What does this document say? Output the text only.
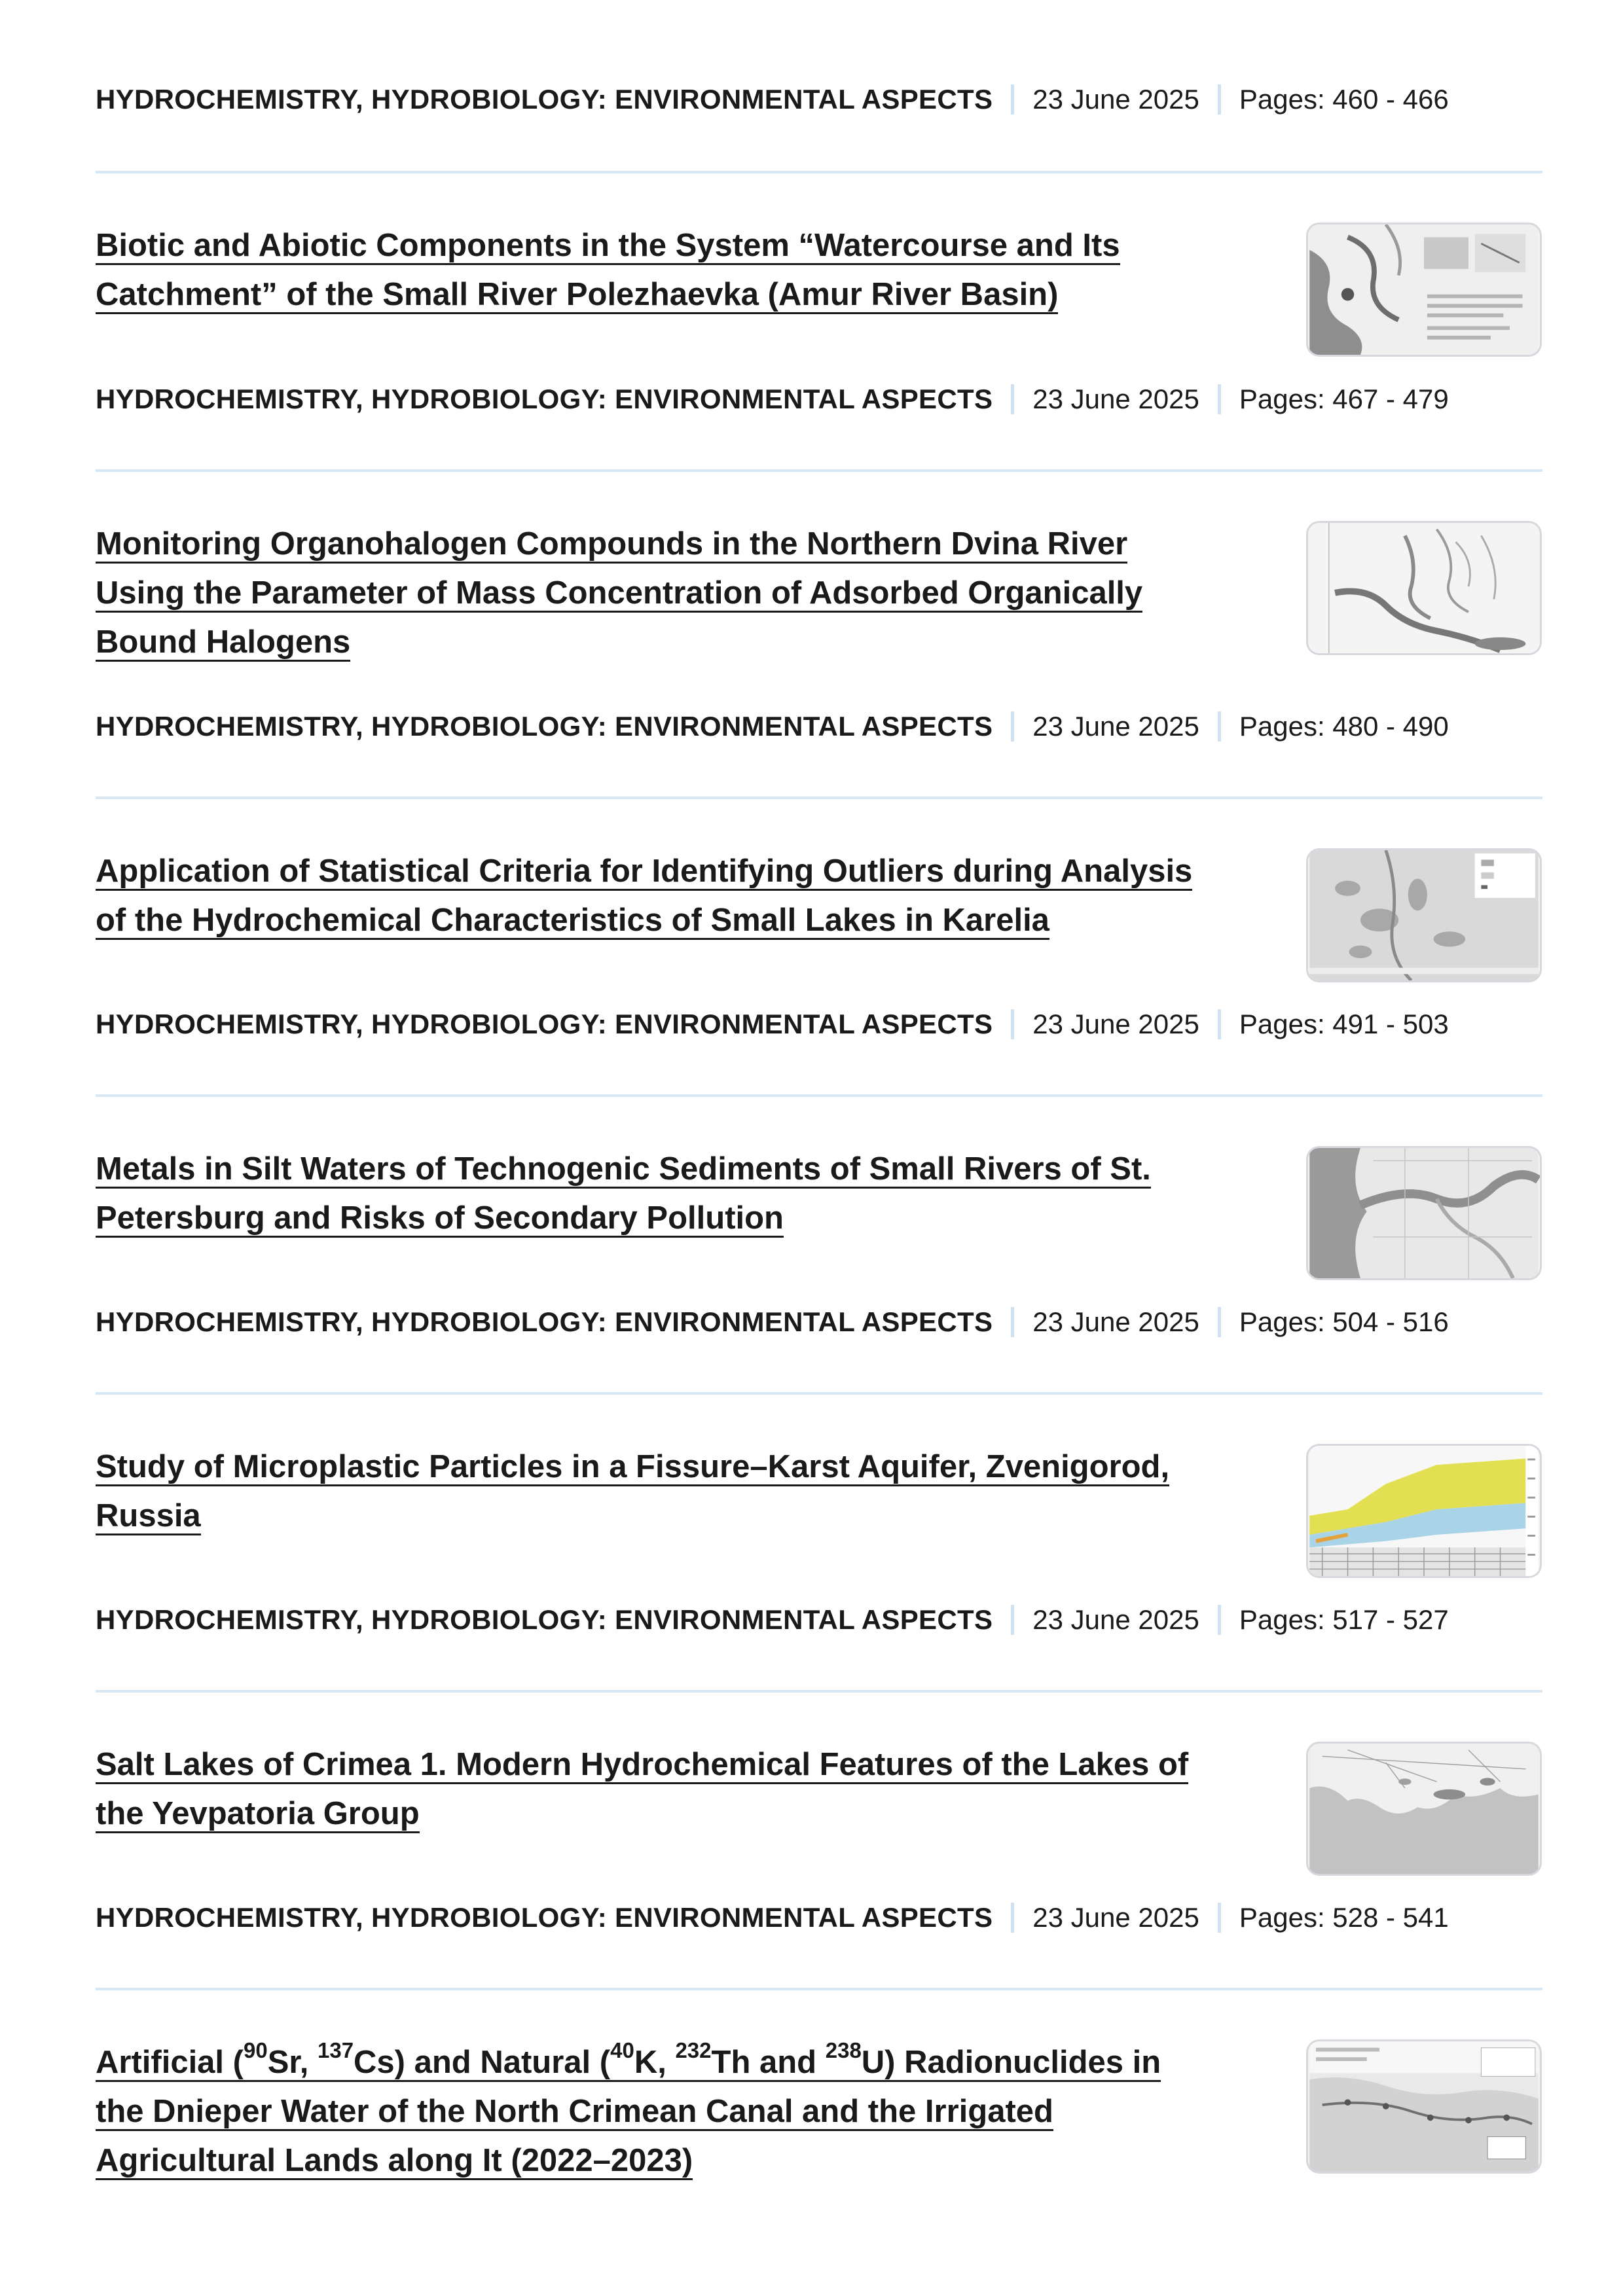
HYDROCHEMISTRY, HYDROBIOLOGY: ENVIRONMENTAL ASPECTS 23 June 2025 Pages: 460 - 466
Biotic and Abiotic Components in the System “Watercourse and Its
Catchment” of the Small River Polezhaevka (Amur River Basin)
HYDROCHEMISTRY, HYDROBIOLOGY: ENVIRONMENTAL ASPECTS 23 June 2025 Pages: 467 - 479
Monitoring Organohalogen Compounds in the Northern Dvina River
Using the Parameter of Mass Concentration of Adsorbed Organically
Bound Halogens
HYDROCHEMISTRY, HYDROBIOLOGY: ENVIRONMENTAL ASPECTS 23 June 2025 Pages: 480 - 490
Application of Statistical Criteria for Identifying Outliers during Analysis
of the Hydrochemical Characteristics of Small Lakes in Karelia
HYDROCHEMISTRY, HYDROBIOLOGY: ENVIRONMENTAL ASPECTS 23 June 2025 Pages: 491 - 503
Metals in Silt Waters of Technogenic Sediments of Small Rivers of St.
Petersburg and Risks of Secondary Pollution
HYDROCHEMISTRY, HYDROBIOLOGY: ENVIRONMENTAL ASPECTS 23 June 2025 Pages: 504 - 516
Study of Microplastic Particles in a Fissure–Karst Aquifer, Zvenigorod,
Russia
HYDROCHEMISTRY, HYDROBIOLOGY: ENVIRONMENTAL ASPECTS 23 June 2025 Pages: 517 - 527
Salt Lakes of Crimea 1. Modern Hydrochemical Features of the Lakes of
the Yevpatoria Group
HYDROCHEMISTRY, HYDROBIOLOGY: ENVIRONMENTAL ASPECTS 23 June 2025 Pages: 528 - 541
Artificial ($^{90}$Sr, $^{137}$Cs) and Natural ($^{40}$K, $^{232}$Th and $^{238}$U) Radionuclides in
the Dnieper Water of the North Crimean Canal and the Irrigated
Agricultural Lands along It (2022–2023)
